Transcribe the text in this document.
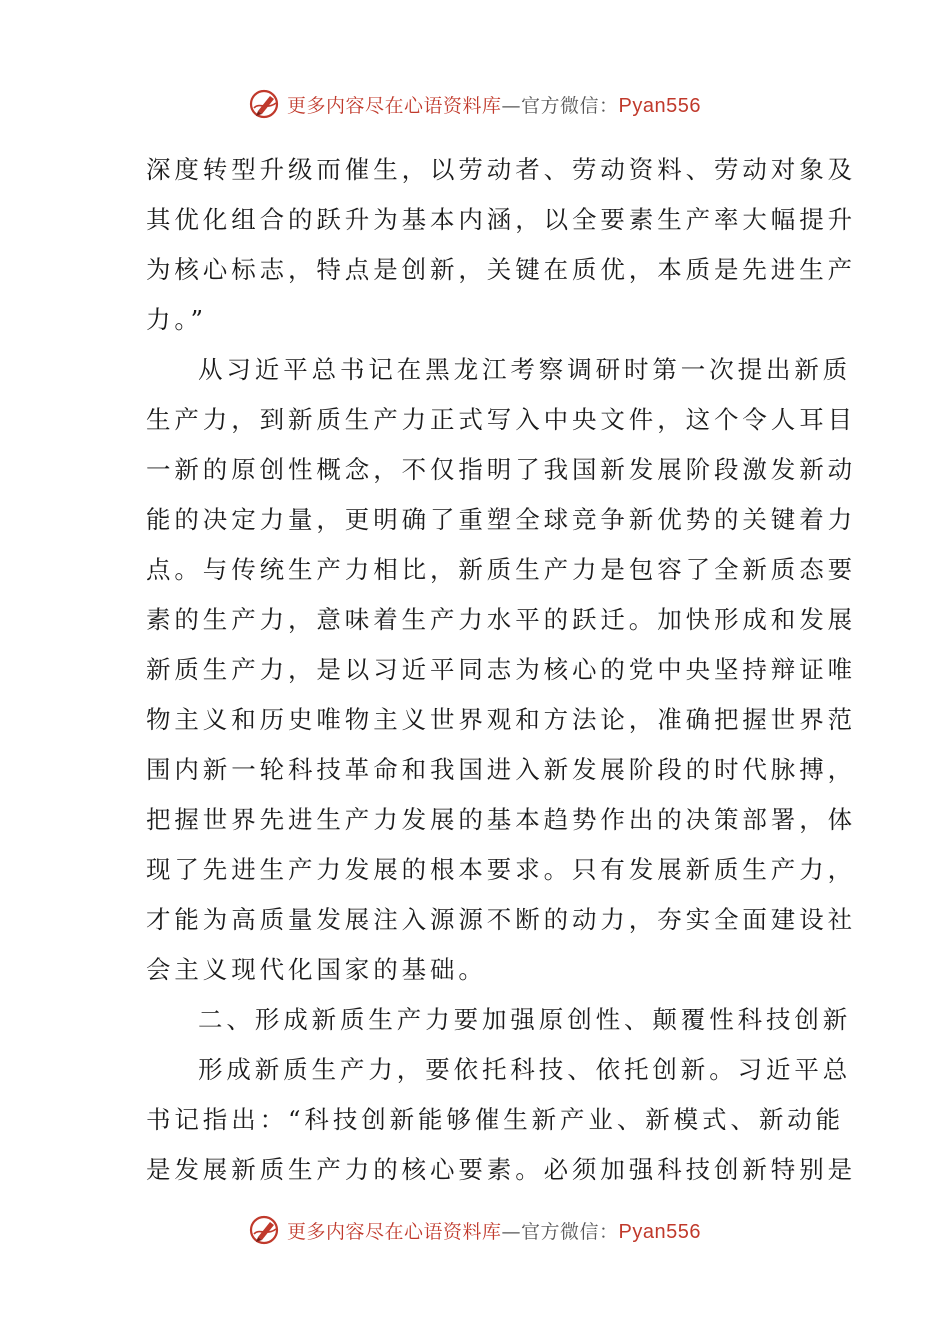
更多内容尽在心语资料库—官方微信：Pyan556
深度转型升级而催生，以劳动者、劳动资料、劳动对象及
其优化组合的跃升为基本内涵，以全要素生产率大幅提升
为核心标志，特点是创新，关键在质优，本质是先进生产
力。”
从习近平总书记在黑龙江考察调研时第一次提出新质
生产力，到新质生产力正式写入中央文件，这个令人耳目
一新的原创性概念，不仅指明了我国新发展阶段激发新动
能的决定力量，更明确了重塑全球竞争新优势的关键着力
点。与传统生产力相比，新质生产力是包容了全新质态要
素的生产力，意味着生产力水平的跃迁。加快形成和发展
新质生产力，是以习近平同志为核心的党中央坚持辩证唯
物主义和历史唯物主义世界观和方法论，准确把握世界范
围内新一轮科技革命和我国进入新发展阶段的时代脉搏，
把握世界先进生产力发展的基本趋势作出的决策部署，体
现了先进生产力发展的根本要求。只有发展新质生产力，
才能为高质量发展注入源源不断的动力，夯实全面建设社
会主义现代化国家的基础。
二、形成新质生产力要加强原创性、颠覆性科技创新
形成新质生产力，要依托科技、依托创新。习近平总
书记指出：“科技创新能够催生新产业、新模式、新动能
是发展新质生产力的核心要素。必须加强科技创新特别是
更多内容尽在心语资料库—官方微信：Pyan556
